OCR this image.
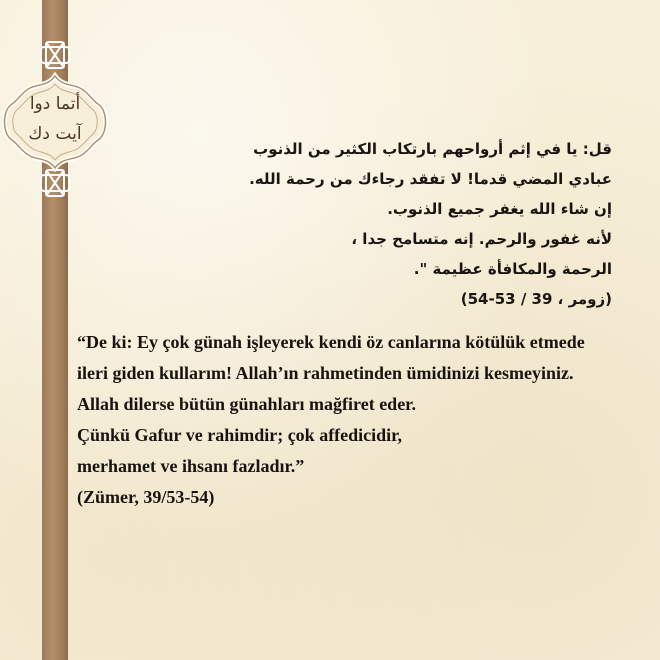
أتما دوا
آيت دك
قل: يا في إثم أرواحهم بارتكاب الكثير من الذنوب
عبادي المضي قدما! لا تفقد رجاءك من رحمة الله.
إن شاء الله يغفر جميع الذنوب.
لأنه غفور والرحم. إنه متسامح جدا ،
الرحمة والمكافأة عظيمة ".
(زومر ، 39 / 53-54)
“De ki: Ey çok günah işleyerek kendi öz canlarına kötülük etmede
ileri giden kullarım! Allah’ın rahmetinden ümidinizi kesmeyiniz.
Allah dilerse bütün günahları mağfiret eder.
Çünkü Gafur ve rahimdir; çok affedicidir,
merhamet ve ihsanı fazladır.”
(Zümer, 39/53-54)
